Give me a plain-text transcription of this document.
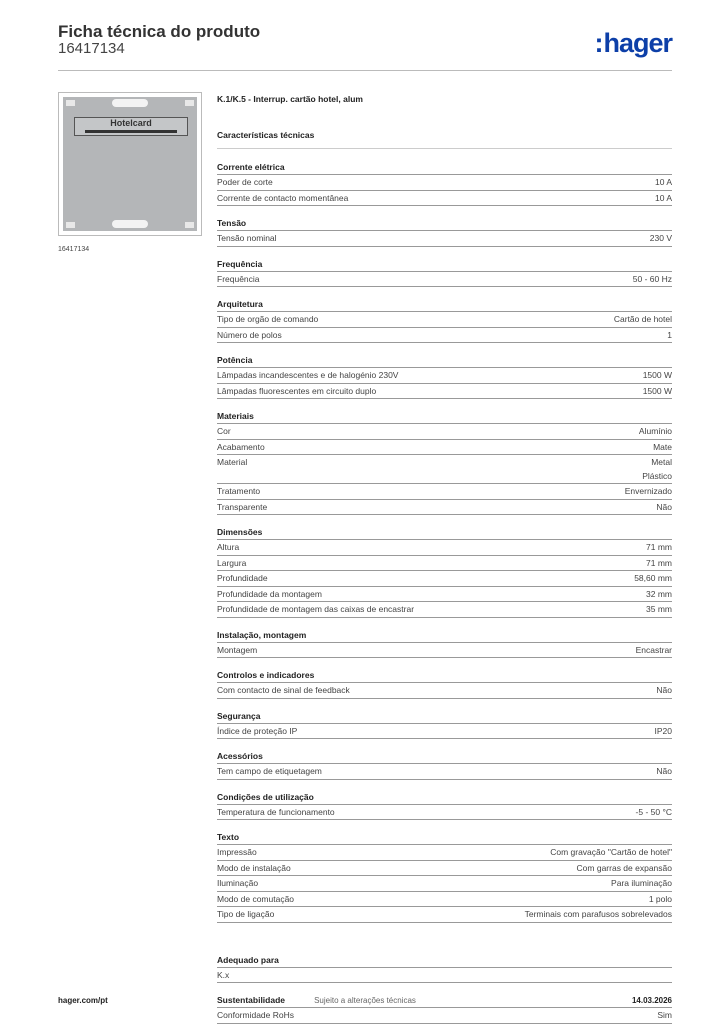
Ficha técnica do produto
16417134	:hager
Hotelcard
16417134
K.1/K.5 - Interrup. cartão hotel, alum
Características técnicas
Corrente elétrica
Poder de corte	10 A
Corrente de contacto momentânea	10 A
Tensão
Tensão nominal	230 V
Frequência
Frequência	50 - 60 Hz
Arquitetura
Tipo de orgão de comando	Cartão de hotel
Número de polos	1
Potência
Lâmpadas incandescentes e de halogénio 230V	1500 W
Lâmpadas fluorescentes em circuito duplo	1500 W
Materiais
Cor	Alumínio
Acabamento	Mate
Material	Metal
Plástico
Tratamento	Envernizado
Transparente	Não
Dimensões
Altura	71 mm
Largura	71 mm
Profundidade	58,60 mm
Profundidade da montagem	32 mm
Profundidade de montagem das caixas de encastrar	35 mm
Instalação, montagem
Montagem	Encastrar
Controlos e indicadores
Com contacto de sinal de feedback	Não
Segurança
Índice de proteção IP	IP20
Acessórios
Tem campo de etiquetagem	Não
Condições de utilização
Temperatura de funcionamento	-5 - 50 °C
Texto
Impressão	Com gravação "Cartão de hotel"
Modo de instalação	Com garras de expansão
Iluminação	Para iluminação
Modo de comutação	1 polo
Tipo de ligação	Terminais com parafusos sobrelevados
Adequado para
K.x
Sustentabilidade
Conformidade RoHs	Sim
hager.com/pt	Sujeito a alterações técnicas	14.03.2026
